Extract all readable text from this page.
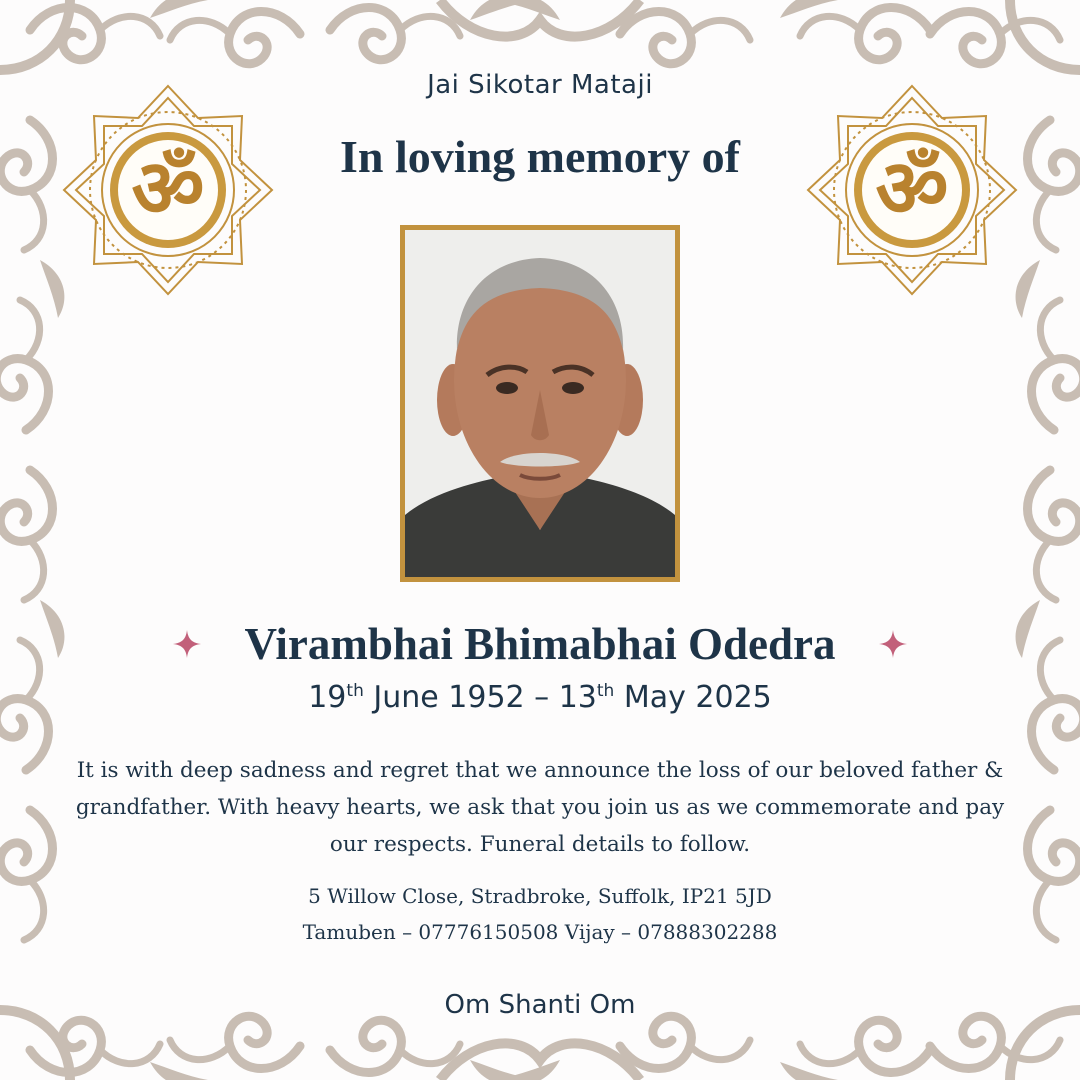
ॐ	ॐ
Jai Sikotar Mataji
In loving memory of
Virambhai Bhimabhai Odedra
19th June 1952 – 13th May 2025
It is with deep sadness and regret that we announce the loss of our beloved father & grandfather. With heavy hearts, we ask that you join us as we commemorate and pay our respects. Funeral details to follow.
5 Willow Close, Stradbroke, Suffolk, IP21 5JD
Tamuben – 07776150508 Vijay – 07888302288
Om Shanti Om
